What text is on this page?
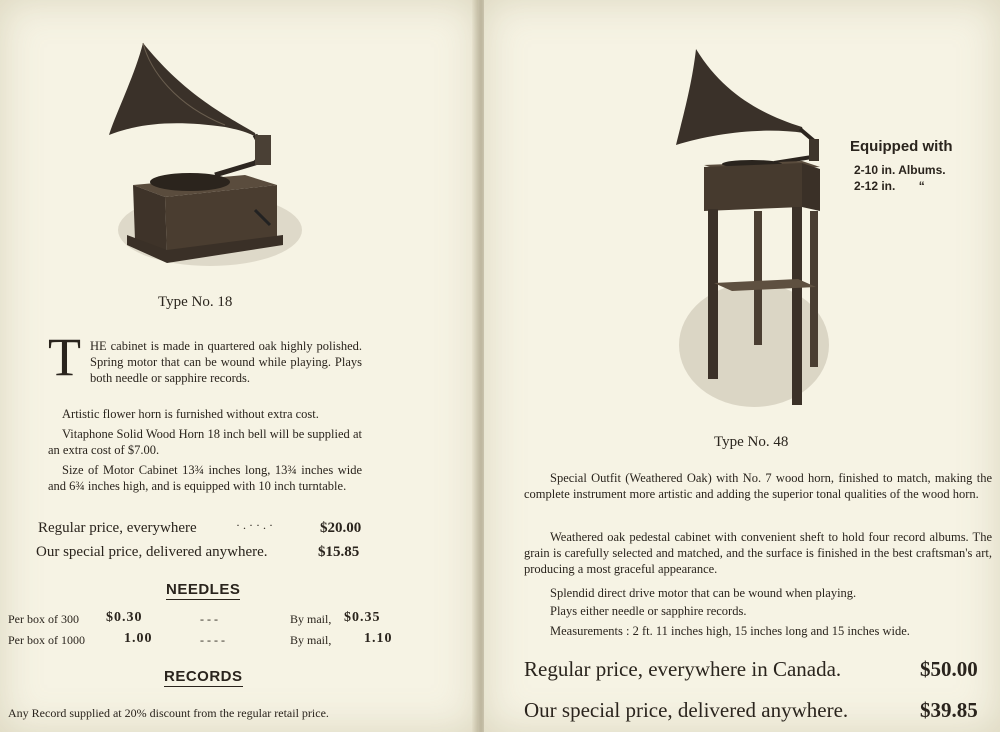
Type No. 18
T HE cabinet is made in quartered oak highly polished. Spring motor that can be wound while playing. Plays both needle or sapphire records.
Artistic flower horn is furnished without extra cost.
Vitaphone Solid Wood Horn 18 inch bell will be supplied at an extra cost of $7.00.
Size of Motor Cabinet 13¾ inches long, 13¾ inches wide and 6¾ inches high, and is equipped with 10 inch turntable.
Regular price, everywhere	· . · · . ·	$20.00
Our special price, delivered anywhere.	$15.85
NEEDLES
Per box of 300 $0.30	- - -	By mail, $0.35
Per box of 1000	1.00	- - - -	By mail, 1.10
RECORDS
Any Record supplied at 20% discount from the regular retail price.
Equipped with
2-10 in. Albums.
2-12 in.       “
Type No. 48
Special Outfit (Weathered Oak) with No. 7 wood horn, finished to match, making the complete instrument more artistic and adding the superior tonal qualities of the wood horn.
Weathered oak pedestal cabinet with convenient sheft to hold four record albums. The grain is carefully selected and matched, and the surface is finished in the best craftsman's art, producing a most graceful appearance.
Splendid direct drive motor that can be wound when playing.
Plays either needle or sapphire records.
Measurements : 2 ft. 11 inches high, 15 inches long and 15 inches wide.
Regular price, everywhere in Canada.	$50.00
Our special price, delivered anywhere.	$39.85
